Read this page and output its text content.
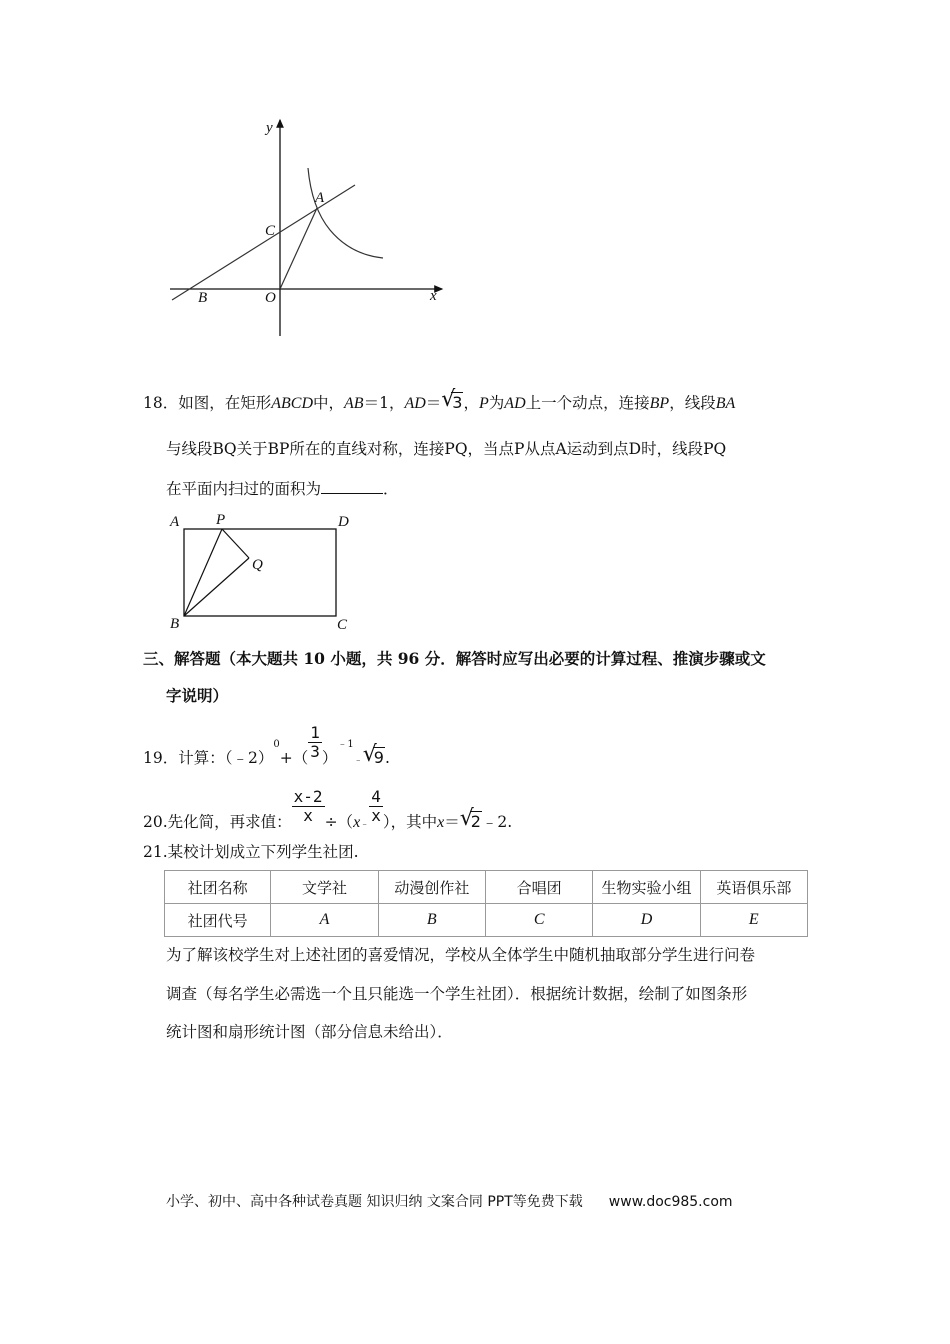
y
x
A
C
B	O
18．如图，在矩形ABCD中，AB＝1，AD＝ √
3，P为AD上一个动点，连接BP，线段BA
与线段BQ关于BP所在的直线对称，连接PQ，当点P从点A运动到点D时，线段PQ
在平面内扫过的面积为	．
A P	D
Q
B	C
三、解答题（本大题共 10 小题，共 96 分．解答时应写出必要的计算过程、推演步骤或文
字说明）
19．计算：（﹣2）$^0$+（ $\frac{1}{3} )^{﹣1}_﹣$ √
9.
20.先化简，再求值： $\frac{x-2}{x} \div(x_﹣ \frac{4}{x}$ ），其中x＝ √
2﹣2.
21.某校计划成立下列学生社团.
社团名称	文学社	动漫创作社	合唱团	生物实验小组	英语俱乐部
社团代号	A	B	C	D	E
为了解该校学生对上述社团的喜爱情况，学校从全体学生中随机抽取部分学生进行问卷
调查（每名学生必需选一个且只能选一个学生社团）．根据统计数据，绘制了如图条形
统计图和扇形统计图（部分信息未给出）．
小学、初中、高中各种试卷真题 知识归纳 文案合同 PPT等免费下载 www.doc985.com
